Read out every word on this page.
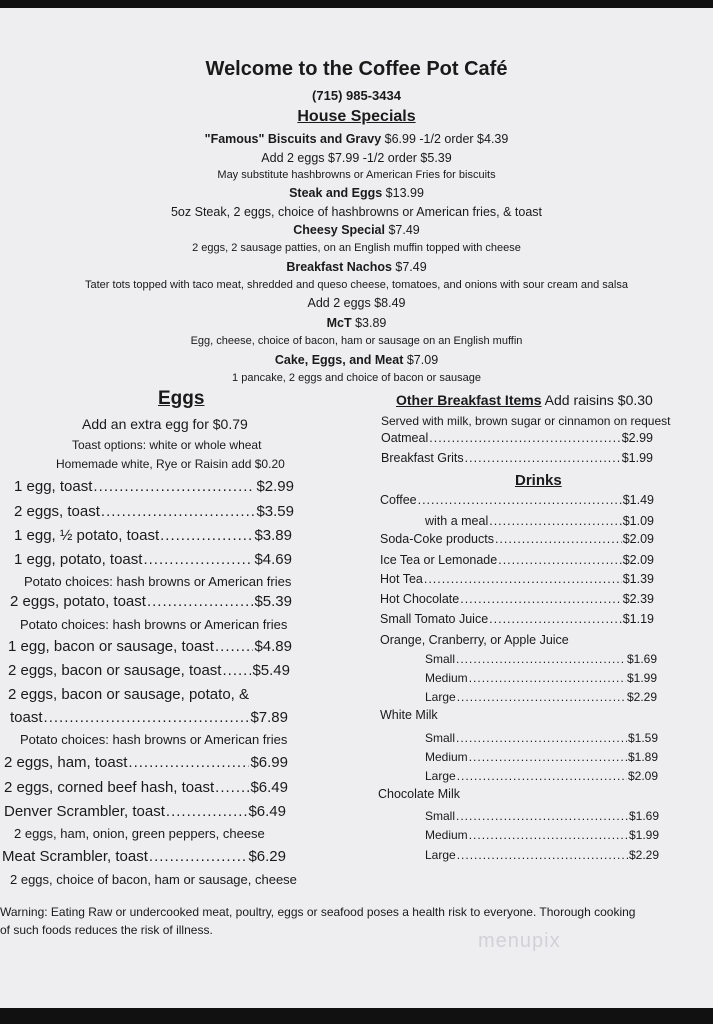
Welcome to the Coffee Pot Café
(715) 985-3434
House Specials
"Famous" Biscuits and Gravy $6.99 -1/2 order $4.39
Add 2 eggs $7.99 -1/2 order $5.39
May substitute hashbrowns or American Fries for biscuits
Steak and Eggs $13.99
5oz Steak, 2 eggs, choice of hashbrowns or American fries, & toast
Cheesy Special $7.49
2 eggs, 2 sausage patties, on an English muffin topped with cheese
Breakfast Nachos $7.49
Tater tots topped with taco meat, shredded and queso cheese, tomatoes, and onions with sour cream and salsa
Add 2 eggs $8.49
McT $3.89
Egg, cheese, choice of bacon, ham or sausage on an English muffin
Cake, Eggs, and Meat $7.09
1 pancake, 2 eggs and choice of bacon or sausage
Eggs
Add an extra egg for $0.79
Toast options: white or whole wheat
Homemade white, Rye or Raisin add $0.20
1 egg, toast .....	$2.99
2 eggs, toast .....	$3.59
1 egg, ½ potato, toast .....	$3.89
1 egg, potato, toast .....	$4.69
Potato choices: hash browns or American fries
2 eggs, potato, toast .....	$5.39
Potato choices: hash browns or American fries
1 egg, bacon or sausage, toast .....	$4.89
2 eggs, bacon or sausage, toast ..... $5.49
2 eggs, bacon or sausage, potato, &
toast .....	$7.89
Potato choices: hash browns or American fries
2 eggs, ham, toast .....	$6.99
2 eggs, corned beef hash, toast ..... $6.49
Denver Scrambler, toast .....	$6.49
2 eggs, ham, onion, green peppers, cheese
Meat Scrambler, toast .....	$6.29
2 eggs, choice of bacon, ham or sausage, cheese
Other Breakfast Items Add raisins $0.30
Served with milk, brown sugar or cinnamon on request
Oatmeal .....	$2.99
Breakfast Grits .....	$1.99
Drinks
Coffee .....	$1.49
with a meal .....	$1.09
Soda-Coke products .....	$2.09
Ice Tea or Lemonade .....	$2.09
Hot Tea .....	$1.39
Hot Chocolate .....	$2.39
Small Tomato Juice .....	$1.19
Orange, Cranberry, or Apple Juice
Small .....	$1.69
Medium .....	$1.99
Large .....	$2.29
White Milk
Small .....	$1.59
Medium .....	$1.89
Large .....	$2.09
Chocolate Milk
Small .....	$1.69
Medium .....	$1.99
Large .....	$2.29
Warning: Eating Raw or undercooked meat, poultry, eggs or seafood poses a health risk to everyone. Thorough cooking
of such foods reduces the risk of illness.	menupix
